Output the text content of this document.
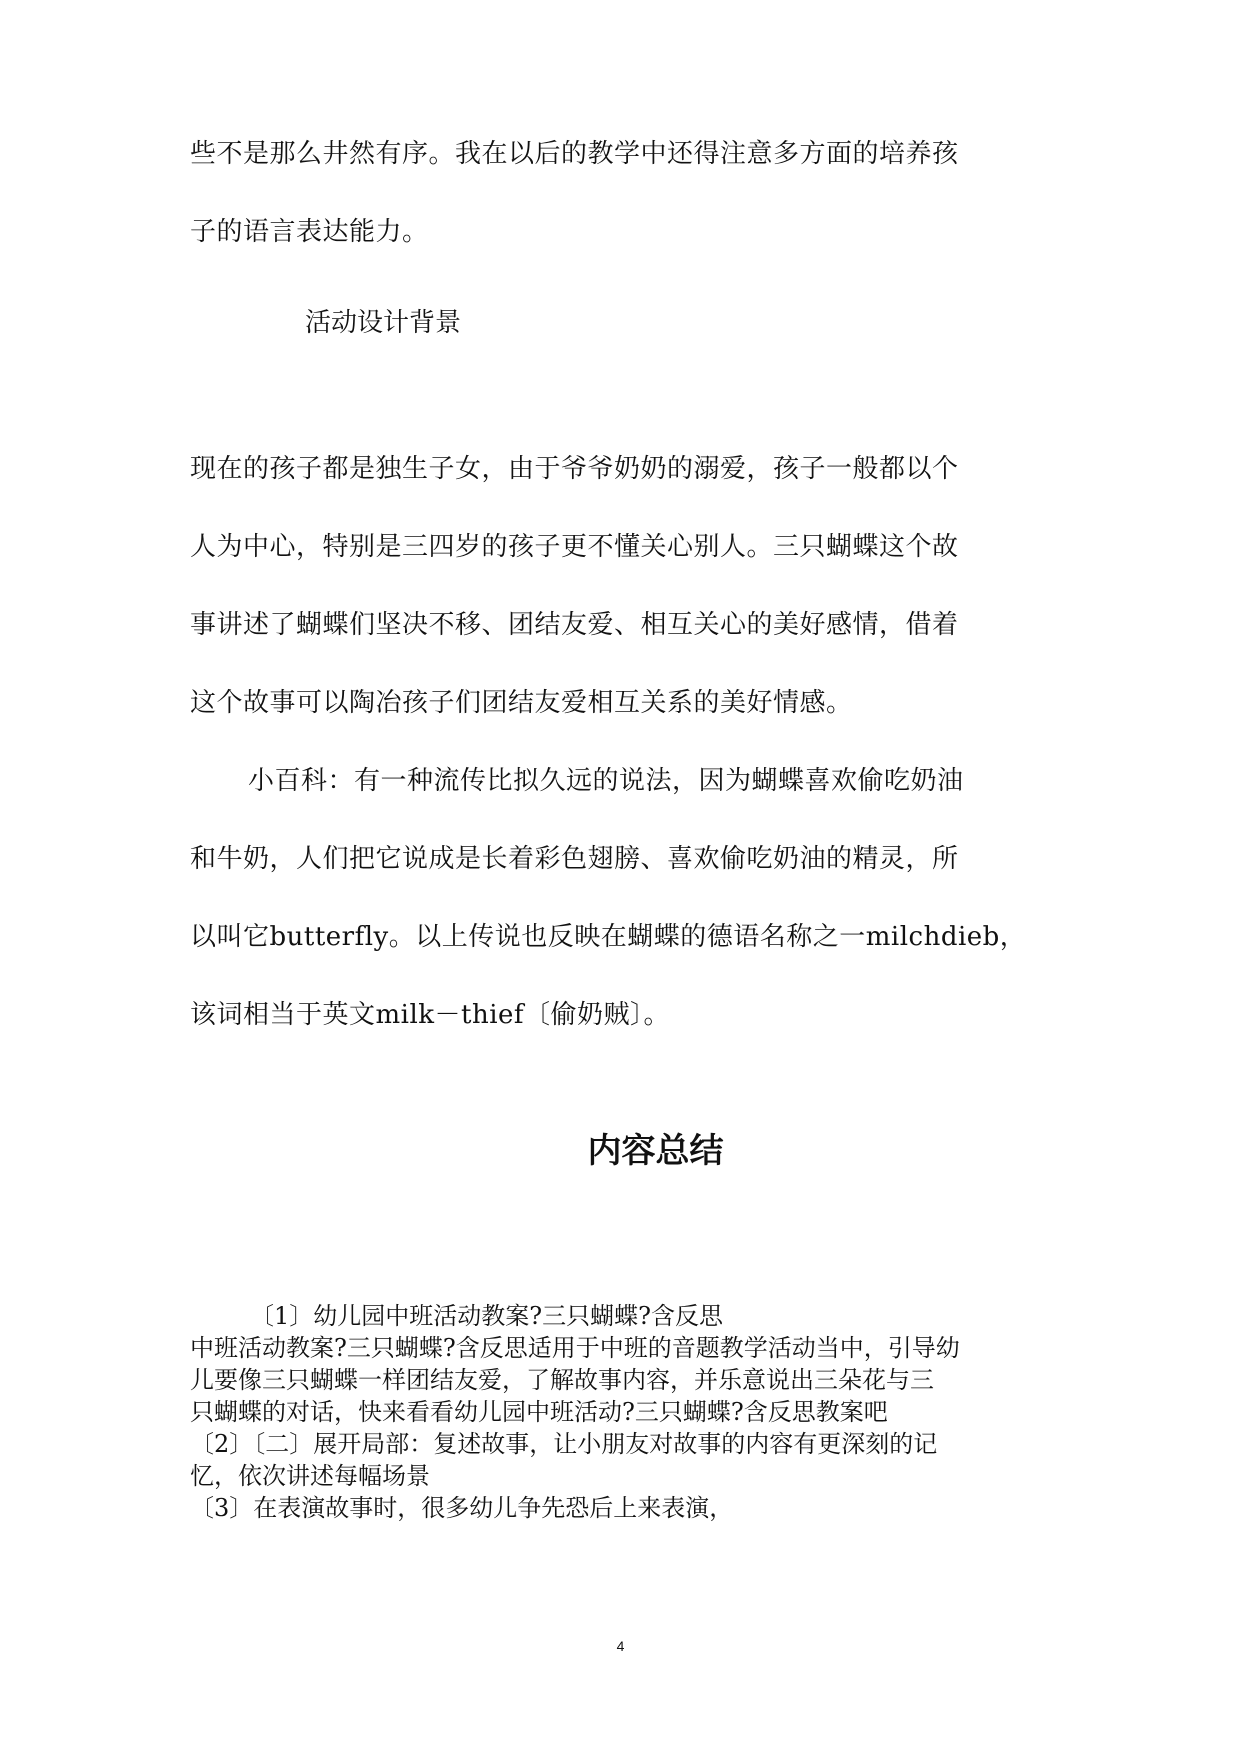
些不是那么井然有序。我在以后的教学中还得注意多方面的培养孩
子的语言表达能力。

活动设计背景

现在的孩子都是独生子女，由于爷爷奶奶的溺爱，孩子一般都以个
人为中心，特别是三四岁的孩子更不懂关心别人。三只蝴蝶这个故
事讲述了蝴蝶们坚决不移、团结友爱、相互关心的美好感情，借着
这个故事可以陶冶孩子们团结友爱相互关系的美好情感。

小百科：有一种流传比拟久远的说法，因为蝴蝶喜欢偷吃奶油
和牛奶，人们把它说成是长着彩色翅膀、喜欢偷吃奶油的精灵，所
以叫它butterfly。以上传说也反映在蝴蝶的德语名称之一milchdieb，
该词相当于英文milk－thief〔偷奶贼〕。

内容总结
〔1〕幼儿园中班活动教案?三只蝴蝶?含反思
中班活动教案?三只蝴蝶?含反思适用于中班的音题教学活动当中，引导幼
儿要像三只蝴蝶一样团结友爱，了解故事内容，并乐意说出三朵花与三
只蝴蝶的对话，快来看看幼儿园中班活动?三只蝴蝶?含反思教案吧
〔2〕〔二〕展开局部：复述故事，让小朋友对故事的内容有更深刻的记
忆，依次讲述每幅场景
〔3〕在表演故事时，很多幼儿争先恐后上来表演，
4
